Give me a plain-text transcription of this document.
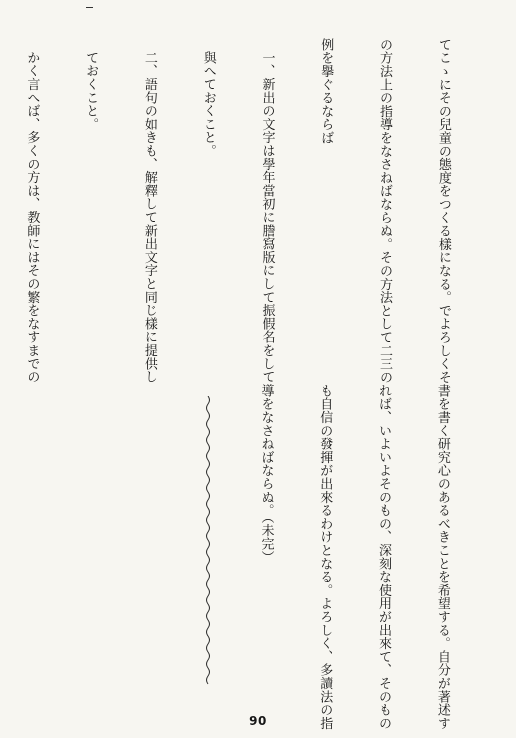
てこゝにその兒童の態度をつくる樣になる。でよろしくそ

の方法上の指導をなさねばならぬ。その方法として二三の

例を擧ぐるならば

一、新出の文字は學年當初に謄寫版にして振假名をして

與へておくこと。

二、語句の如きも、解釋して新出文字と同じ樣に提供し

ておくこと。

かく言へば、多くの方は、教師にはその繁をなすまでの

書を書く研究心のあるべきことを希望する。自分が著述す

れば、いよいよそのもの、深刻な使用が出來て、そのもの

も自信の發揮が出來るわけとなる。よろしく、多讀法の指

導をなさねばならぬ。（未完）

90
